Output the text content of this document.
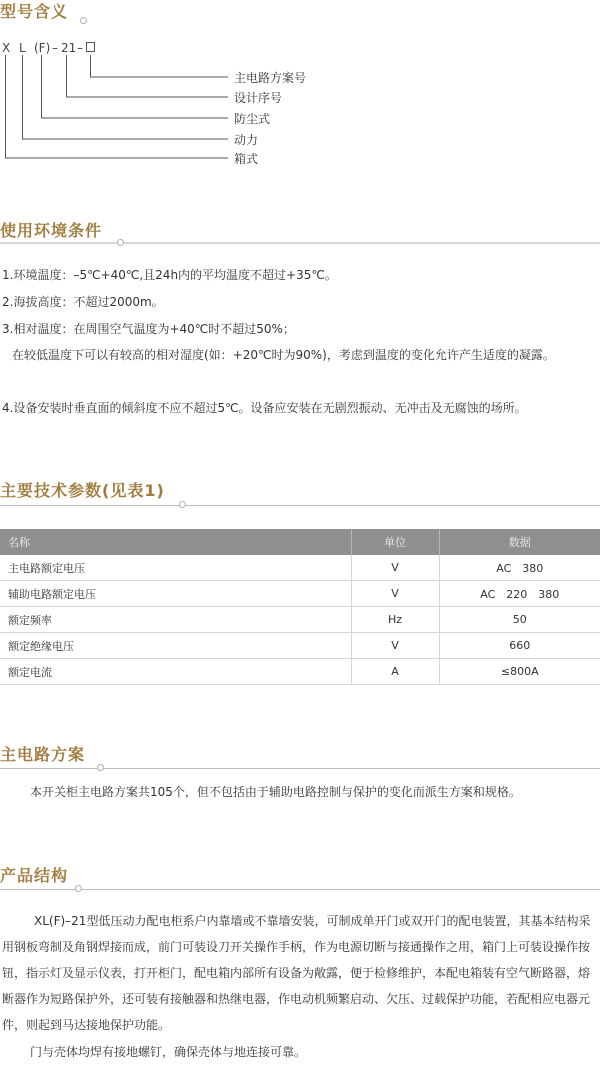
型号含义
X L (F) – 21 –
主电路方案号
设计序号
防尘式
动力
箱式
使用环境条件

1.环境温度：–5℃+40℃,且24h内的平均温度不超过+35℃。

2.海拔高度：不超过2000m。

3.相对温度：在周围空气温度为+40℃时不超过50%；

在较低温度下可以有较高的相对湿度(如：+20℃时为90%)，考虑到温度的变化允许产生适度的凝露。

4.设备安装时垂直面的倾斜度不应不超过5℃。设备应安装在无剧烈振动、无冲击及无腐蚀的场所。

主要技术参数(见表1)
名称	单位	数据
主电路额定电压	V	AC　380
辅助电路额定电压	V	AC　220　380
额定频率	Hz	50
额定绝缘电压	V	660
额定电流	A	≤800A
主电路方案

本开关柜主电路方案共105个，但不包括由于辅助电路控制与保护的变化而派生方案和规格。

产品结构

XL(F)–21型低压动力配电柜系户内靠墙或不靠墙安装，可制成单开门或双开门的配电装置，其基本结构采用钢板弯制及角钢焊接而成，前门可装设刀开关操作手柄，作为电源切断与接通操作之用，箱门上可装设操作按钮，指示灯及显示仪表，打开柜门，配电箱内部所有设备为敞露，便于检修维护，本配电箱装有空气断路器，熔断器作为短路保护外，还可装有接触器和热继电器，作电动机频繁启动、欠压、过载保护功能，若配相应电器元件，则起到马达接地保护功能。

门与壳体均焊有接地螺钉，确保壳体与地连接可靠。
